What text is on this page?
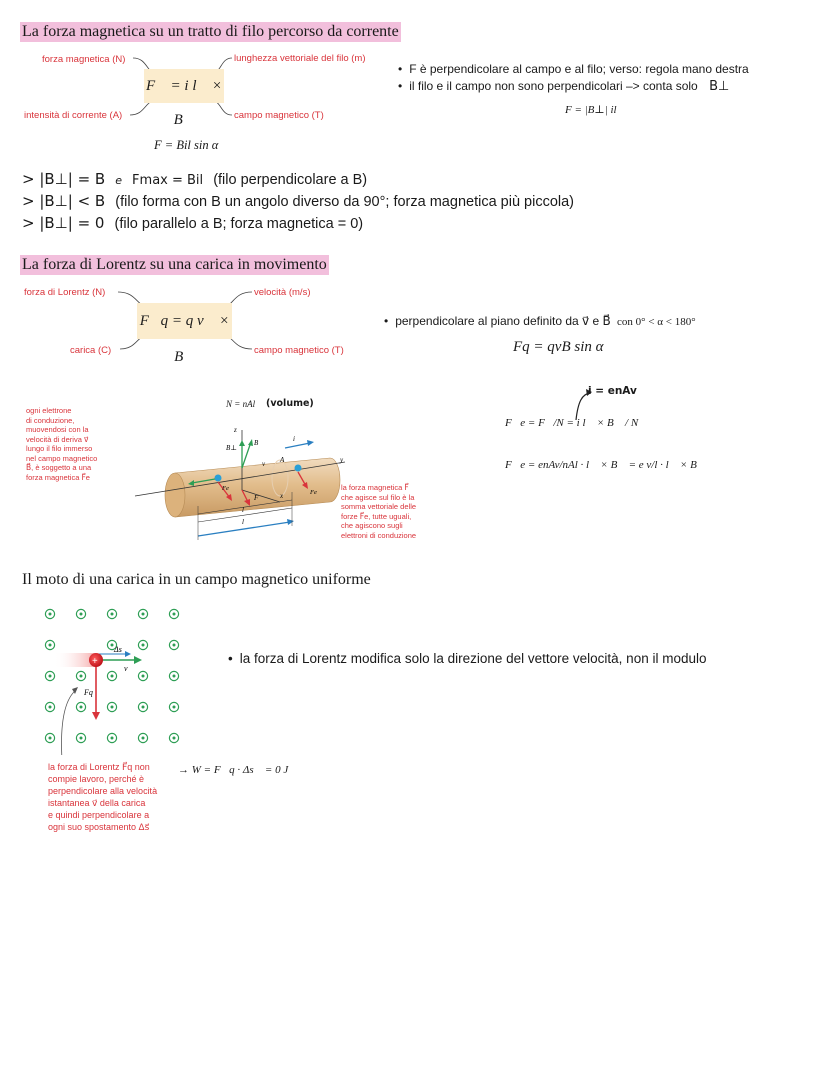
La forza magnetica su un tratto di filo percorso da corrente
forza magnetica (N)	lunghezza vettoriale del filo (m)
intensità di corrente (A)	campo magnetico (T)
F⃗ = i l⃗ × B⃗
F = Bil sin α
• F è perpendicolare al campo e al filo; verso: regola mano destra
• il filo e il campo non sono perpendicolari –> conta solo B⊥
F = |B⊥| il
> |B⊥| = B e Fmax = Bil (filo perpendicolare a B)
> |B⊥| < B (filo forma con B un angolo diverso da 90°; forza magnetica più piccola)
> |B⊥| = 0 (filo parallelo a B; forza magnetica = 0)
La forza di Lorentz su una carica in movimento
forza di Lorentz (N)	velocità (m/s)
carica (C)	campo magnetico (T)
F⃗q = q v⃗ × B⃗
• perpendicolare al piano definito da v⃗ e B⃗ con 0° < α < 180°
Fq = qvB sin α
N = nAl (volume)
ogni elettrone
di conduzione,
muovendosi con la
velocità di deriva v⃗
lungo il filo immerso
nel campo magnetico
B⃗, è soggetto a una
forza magnetica F⃗e
z
y
x
A
B⊥
B	i
v
Fe
Fe
F
l
l
la forza magnetica F⃗
che agisce sul filo è la
somma vettoriale delle
forze F⃗e, tutte uguali,
che agiscono sugli
elettroni di conduzione
i = enAv
F⃗e = F⃗/N = i l⃗ × B⃗ / N
F⃗e = enAv/nAl · l⃗ × B⃗ = e v/l · l⃗ × B⃗
Il moto di una carica in un campo magnetico uniforme
+
Δs
v
Fq
• la forza di Lorentz modifica solo la direzione del vettore velocità, non il modulo
la forza di Lorentz F⃗q non
compie lavoro, perché è
perpendicolare alla velocità
istantanea v⃗ della carica
e quindi perpendicolare a
ogni suo spostamento Δs⃗
→ W = F⃗q · Δs⃗ = 0 J
